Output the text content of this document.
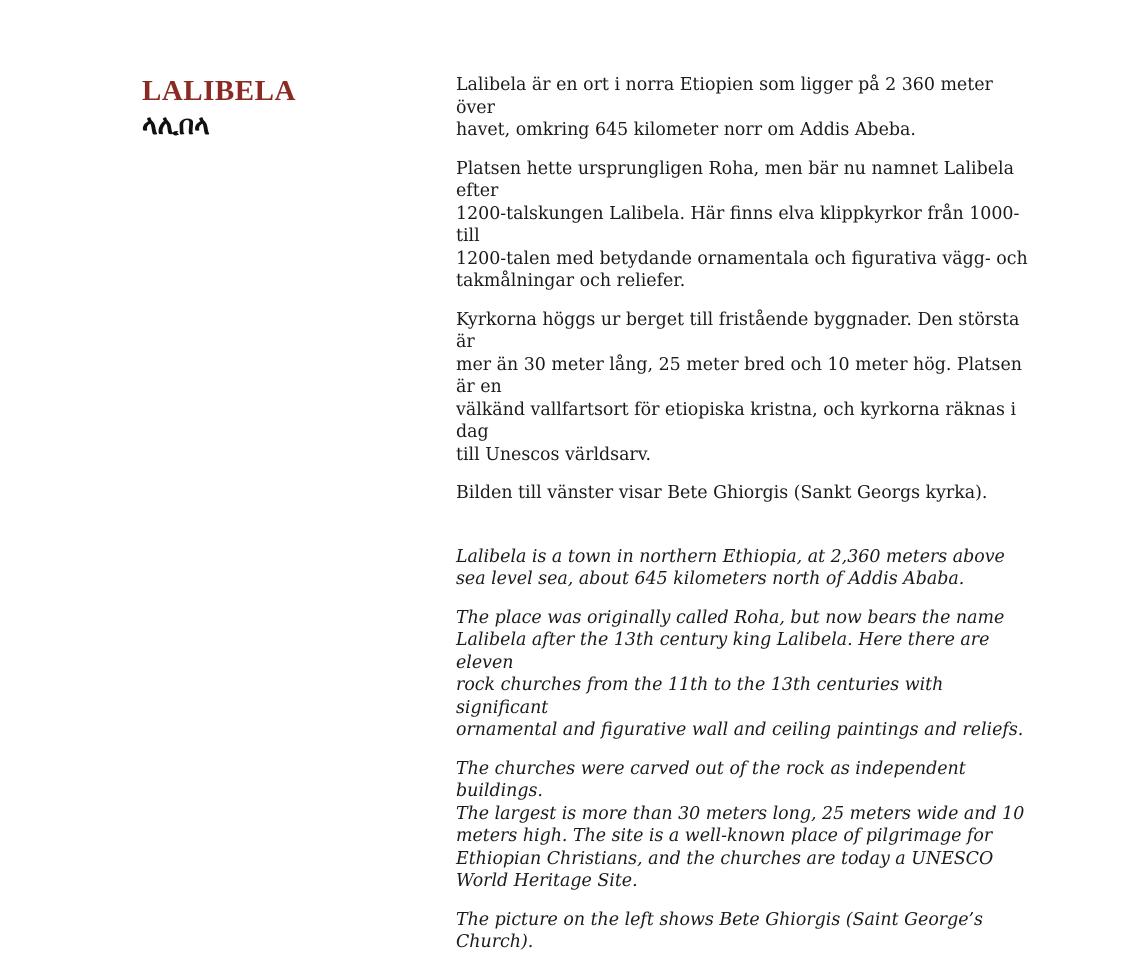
LALIBELA
ላሊበላ

Lalibela är en ort i norra Etiopien som ligger på 2 360 meter över
havet, omkring 645 kilometer norr om Addis Abeba.

Platsen hette ursprungligen Roha, men bär nu namnet Lalibela efter
1200-talskungen Lalibela. Här finns elva klippkyrkor från 1000- till
1200-talen med betydande ornamentala och figurativa vägg- och
takmålningar och reliefer.

Kyrkorna höggs ur berget till fristående byggnader. Den största är
mer än 30 meter lång, 25 meter bred och 10 meter hög. Platsen är en
välkänd vallfartsort för etiopiska kristna, och kyrkorna räknas i dag
till Unescos världsarv.

Bilden till vänster visar Bete Ghiorgis (Sankt Georgs kyrka).

Lalibela is a town in northern Ethiopia, at 2,360 meters above
sea level sea, about 645 kilometers north of Addis Ababa.

The place was originally called Roha, but now bears the name
Lalibela after the 13th century king Lalibela. Here there are eleven
rock churches from the 11th to the 13th centuries with significant
ornamental and figurative wall and ceiling paintings and reliefs.

The churches were carved out of the rock as independent buildings.
The largest is more than 30 meters long, 25 meters wide and 10
meters high. The site is a well-known place of pilgrimage for
Ethiopian Christians, and the churches are today a UNESCO
World Heritage Site.

The picture on the left shows Bete Ghiorgis (Saint George’s Church).
